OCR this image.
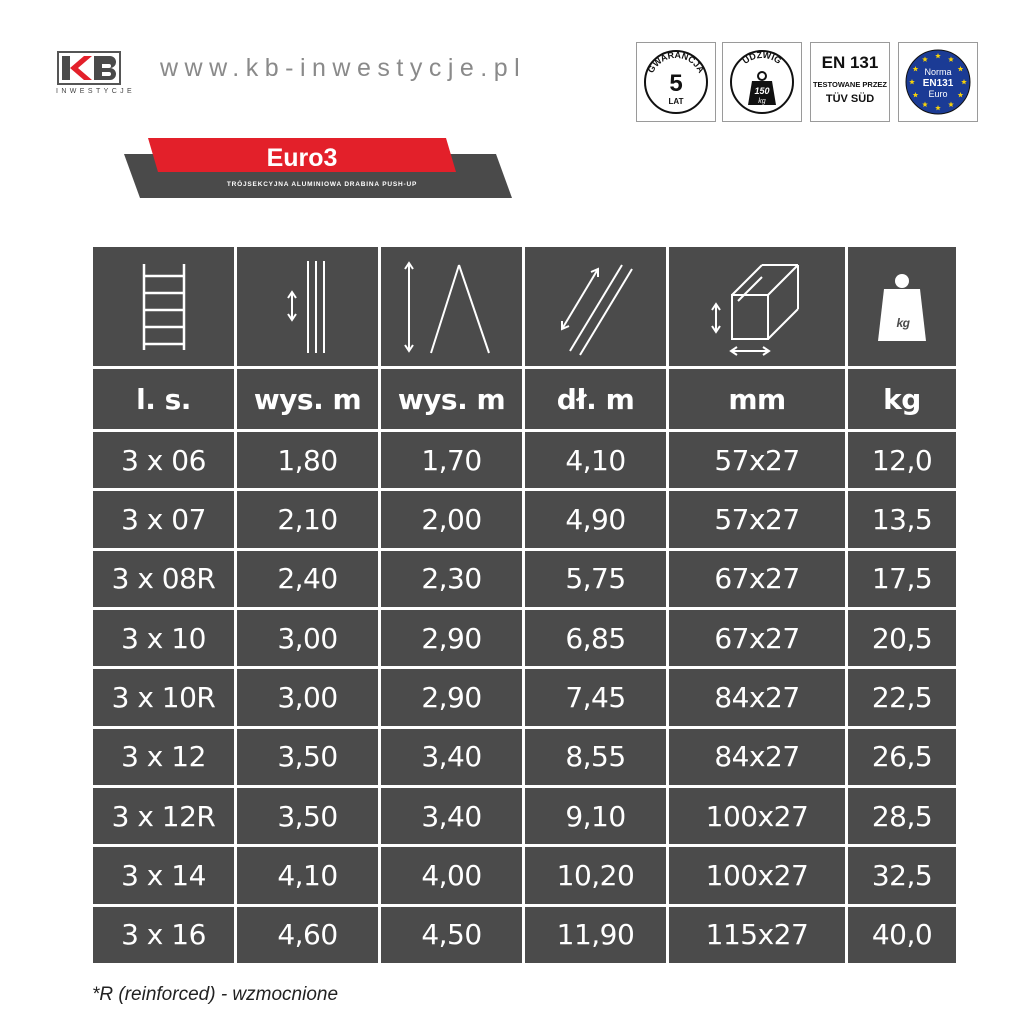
INWESTYCJE
www.kb-inwestycje.pl	GWARANCJA
5
LAT
UDŹWIG
150
kg
EN 131
TESTOWANE PRZEZ
TÜV SÜD
Norma
EN131
Euro
Euro3
TRÓJSEKCYJNA ALUMINIOWA DRABINA PUSH-UP
kg
l. s.	wys. m	wys. m	dł. m	mm	kg
3 x 06	1,80	1,70	4,10	57x27	12,0
3 x 07	2,10	2,00	4,90	57x27	13,5
3 x 08R	2,40	2,30	5,75	67x27	17,5
3 x 10	3,00	2,90	6,85	67x27	20,5
3 x 10R	3,00	2,90	7,45	84x27	22,5
3 x 12	3,50	3,40	8,55	84x27	26,5
3 x 12R	3,50	3,40	9,10	100x27	28,5
3 x 14	4,10	4,00	10,20	100x27	32,5
3 x 16	4,60	4,50	11,90	115x27	40,0
*R (reinforced) - wzmocnione
